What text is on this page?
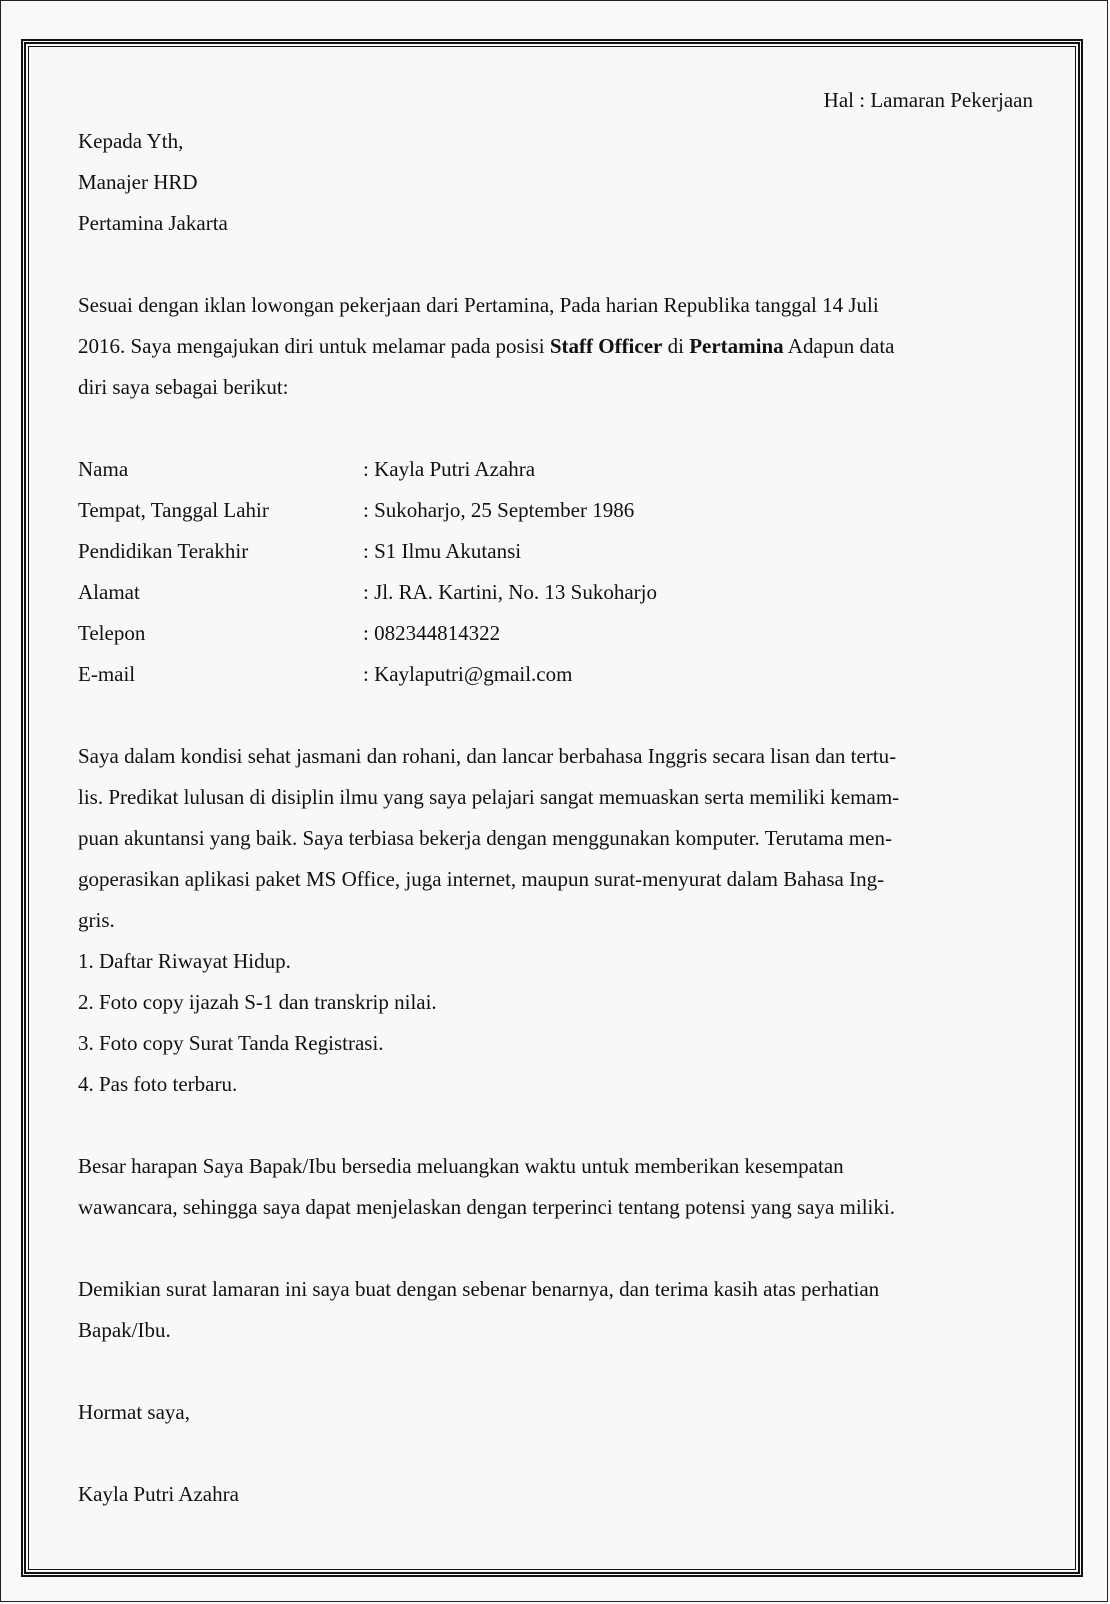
Hal : Lamaran Pekerjaan
Kepada Yth,
Manajer HRD
Pertamina Jakarta
Sesuai dengan iklan lowongan pekerjaan dari Pertamina, Pada harian Republika tanggal 14 Juli
2016. Saya mengajukan diri untuk melamar pada posisi Staff Officer di Pertamina Adapun data
diri saya sebagai berikut:
Nama	: Kayla Putri Azahra
Tempat, Tanggal Lahir	: Sukoharjo, 25 September 1986
Pendidikan Terakhir	: S1 Ilmu Akutansi
Alamat	: Jl. RA. Kartini, No. 13 Sukoharjo
Telepon	: 082344814322
E-mail	: Kaylaputri@gmail.com
Saya dalam kondisi sehat jasmani dan rohani, dan lancar berbahasa Inggris secara lisan dan tertu-
lis. Predikat lulusan di disiplin ilmu yang saya pelajari sangat memuaskan serta memiliki kemam-
puan akuntansi yang baik. Saya terbiasa bekerja dengan menggunakan komputer. Terutama men-
goperasikan aplikasi paket MS Office, juga internet, maupun surat-menyurat dalam Bahasa Ing-
gris.
1. Daftar Riwayat Hidup.
2. Foto copy ijazah S-1 dan transkrip nilai.
3. Foto copy Surat Tanda Registrasi.
4. Pas foto terbaru.
Besar harapan Saya Bapak/Ibu bersedia meluangkan waktu untuk memberikan kesempatan
wawancara, sehingga saya dapat menjelaskan dengan terperinci tentang potensi yang saya miliki.
Demikian surat lamaran ini saya buat dengan sebenar benarnya, dan terima kasih atas perhatian
Bapak/Ibu.
Hormat saya,
Kayla Putri Azahra
